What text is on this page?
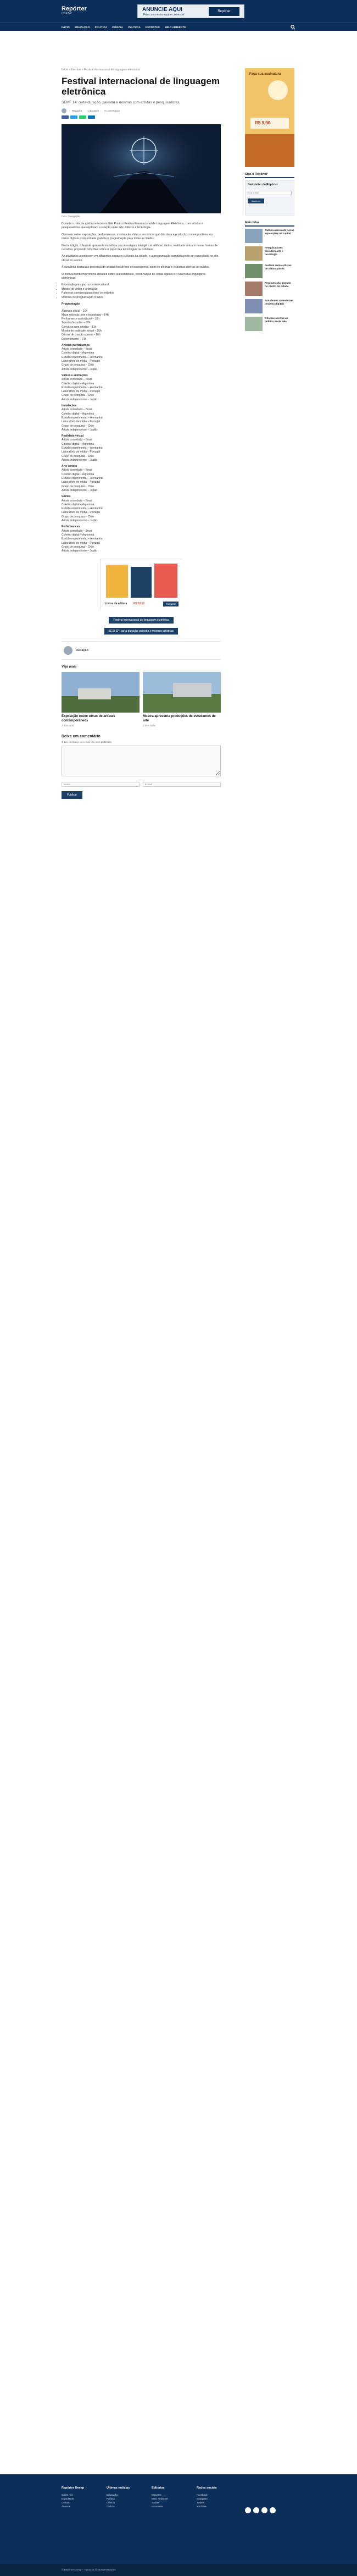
Repórter
UNESP
ANUNCIE AQUI
Fale com nossa equipe comercial
Repórter
INÍCIO EDUCAÇÃO POLÍTICA CIÊNCIA CULTURA ESPORTES MEIO AMBIENTE
Início » Eventos » Festival internacional de linguagem eletrônica
Festival internacional de linguagem eletrônica
SEMF 14: curta-duração, palestra e mostras com artistas e pesquisadores.
Redação 1 dia atrás 0 comentários
Foto: Divulgação

Durante o mês de abril acontece em São Paulo o Festival Internacional de Linguagem Eletrônica, com artistas e pesquisadores que exploram a relação entre arte, ciência e tecnologia.

O evento reúne exposições, performances, mostras de vídeo e encontros que discutem a produção contemporânea em meios digitais, com entrada gratuita e programação para todas as idades.

Nesta edição, o festival apresenta trabalhos que investigam inteligência artificial, dados, realidade virtual e novas formas de narrativa, propondo reflexões sobre o papel das tecnologias no cotidiano.

As atividades acontecem em diferentes espaços culturais da cidade, e a programação completa pode ser consultada no site oficial do evento.

A curadoria destaca a presença de artistas brasileiros e estrangeiros, além de oficinas e palestras abertas ao público.

O festival também promove debates sobre acessibilidade, preservação de obras digitais e o futuro das linguagens eletrônicas.

• Exposição principal no centro cultural
• Mostra de vídeo e animação
• Palestras com pesquisadores convidados
• Oficinas de programação criativa
Programação
Abertura oficial – 10h
Mesa redonda: arte e tecnologia – 14h
Performance audiovisual – 18h
Sessão de curtas – 20h
Conversa com artistas – 11h
Mostra de realidade virtual – 15h
Oficina de criação sonora – 16h
Encerramento – 21h
Artistas participantes
Artista convidado – Brasil
Coletivo digital – Argentina
Estúdio experimental – Alemanha
Laboratório de mídia – Portugal
Grupo de pesquisa – Chile
Artista independente – Japão
Vídeos e animações
Artista convidado – Brasil
Coletivo digital – Argentina
Estúdio experimental – Alemanha
Laboratório de mídia – Portugal
Grupo de pesquisa – Chile
Artista independente – Japão
Instalações
Artista convidado – Brasil
Coletivo digital – Argentina
Estúdio experimental – Alemanha
Laboratório de mídia – Portugal
Grupo de pesquisa – Chile
Artista independente – Japão
Realidade virtual
Artista convidado – Brasil
Coletivo digital – Argentina
Estúdio experimental – Alemanha
Laboratório de mídia – Portugal
Grupo de pesquisa – Chile
Artista independente – Japão
Arte sonora
Artista convidado – Brasil
Coletivo digital – Argentina
Estúdio experimental – Alemanha
Laboratório de mídia – Portugal
Grupo de pesquisa – Chile
Artista independente – Japão
Games
Artista convidado – Brasil
Coletivo digital – Argentina
Estúdio experimental – Alemanha
Laboratório de mídia – Portugal
Grupo de pesquisa – Chile
Artista independente – Japão
Performances
Artista convidado – Brasil
Coletivo digital – Argentina
Estúdio experimental – Alemanha
Laboratório de mídia – Portugal
Grupo de pesquisa – Chile
Artista independente – Japão
Livros da editora R$ 59,90	Comprar
Festival internacional de linguagem eletrônica
SESI SP: curta-duração, palestra e mostras artísticas

Redação
Veja mais
Exposição reúne obras de artistas contemporâneos
2 dias atrás
Mostra apresenta produções de estudantes de arte
3 dias atrás
Deixe um comentário
O seu endereço de e-mail não será publicado.
Nome
E-mail
Publicar
Faça sua assinatura
R$ 9,90
Siga o Repórter
Newsletter do Repórter
Seu e-mail
Inscrever
Mais lidas
Cultura apresenta novas exposições na capital
Pesquisadores discutem arte e tecnologia
Festival reúne artistas de vários países
Programação gratuita no centro da cidade
Estudantes apresentam projetos digitais
Oficinas abertas ao público neste mês
Repórter Unesp
Sobre nós
Expediente
Contato
Anuncie
Últimas notícias
Educação
Política
Ciência
Cultura
Editorias
Esportes
Meio Ambiente
Saúde
Economia
Redes sociais
Facebook
Instagram
Twitter
YouTube
© Repórter Unesp – Todos os direitos reservados
